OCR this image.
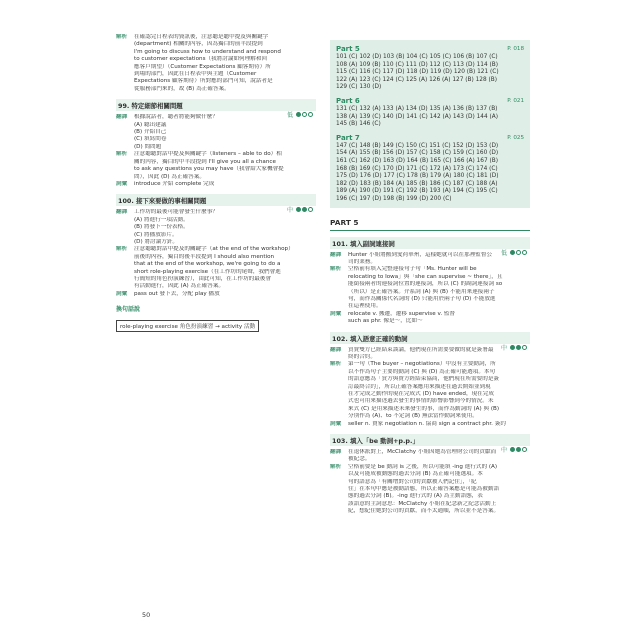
解析 在確認完日程表的資訊後，注意聽是聽中提及與關鍵字
(department) 相關的內容，因為獨白的前半段提到
I'm going to discuss how to understand and respond
to customer expectations（我將討論如何理解和回
應客戶期望）（Customer Expectations 顧客期待）所
到場的部門，因此在日程表中與主題（Customer
Expectations 顧客期待）所對應的部門可知，說話者是
從服務部門來的，故 (B) 為正確答案。
99. 特定細節相關問題
低
翻譯 根據說話者，聽者將能夠做什麼？
(A) 聽出建議
(B) 介紹自己
(C) 填寫問卷
(D) 問問題
解析 注意聽聽對話中提及與關鍵字（listeners – able to do）相
關的內容，獨白的中半段提到 I'll give you all a chance
to ask any questions you may have（我會給大家機會提
問），因此 (D) 為正確答案。
詞彙 introduce 介紹 complete 完成
100. 接下來要做的事相關問題
中
翻譯 工作坊的最後可能會發生什麼事？
(A) 將進行一項活動。
(B) 將發下一份表格。
(C) 將播放影片。
(D) 將討論方針。
解析 注意聽聽對話中提及的關鍵字（at the end of the workshop）
前後的內容，獨白的後半段提到 I should also mention
that at the end of the workshop, we're going to do a
short role-playing exercise（在工作坊的尾聲，我們會進
行簡短的角色扮演練習），由此可知，在工作坊的最後會
有活動進行，因此 (A) 為正確答案。
詞彙 pass out 發下去，分配 play 播放
換句話說
role-playing exercise 角色扮演練習 → activity 活動
Part 5	P. 018
101 (C) 102 (D) 103 (B) 104 (C) 105 (C) 106 (B) 107 (C)
108 (A) 109 (B) 110 (C) 111 (D) 112 (C) 113 (D) 114 (B)
115 (C) 116 (C) 117 (D) 118 (D) 119 (D) 120 (B) 121 (C)
122 (A) 123 (C) 124 (C) 125 (A) 126 (A) 127 (B) 128 (B)
129 (C) 130 (D)
Part 6	P. 021
131 (C) 132 (A) 133 (A) 134 (D) 135 (A) 136 (B) 137 (B)
138 (A) 139 (C) 140 (D) 141 (C) 142 (A) 143 (D) 144 (A)
145 (B) 146 (C)
Part 7	P. 025
147 (C) 148 (B) 149 (C) 150 (C) 151 (C) 152 (D) 153 (D)
154 (A) 155 (B) 156 (D) 157 (C) 158 (C) 159 (C) 160 (D)
161 (C) 162 (D) 163 (D) 164 (B) 165 (C) 166 (A) 167 (B)
168 (B) 169 (C) 170 (D) 171 (C) 172 (A) 173 (C) 174 (C)
175 (D) 176 (D) 177 (C) 178 (B) 179 (A) 180 (C) 181 (D)
182 (D) 183 (B) 184 (A) 185 (B) 186 (C) 187 (C) 188 (A)
189 (A) 190 (D) 191 (C) 192 (B) 193 (A) 194 (C) 195 (C)
196 (C) 197 (D) 198 (B) 199 (D) 200 (C)
PART 5
101. 填入副詞連接詞
低
翻譯 Hunter 小姐將搬到愛荷華州，這樣她就可以在那裡監督公
司的業務。
解析 空格前有填入完整連接句子句「Ms. Hunter will be
relocating to Iowa」與「she can supervise ~ there」，且
能銜接兩者的連接詞位置的連接詞，所以 (C) 的副詞連接詞 so
（所以）是正確答案。介系詞 (A) 與 (B) 不能用來連接兩子
句，而作為關係代名詞的 (D) 只能用於兩子句 (D) 不能放進
在這裡使用。
詞彙 relocate v. 搬遷，遷移 supervise v. 監督
such as phr. 像是～，比如～
102. 填入語意正確的動詞
中
翻譯 買賣雙方已經結束談論，他們現在所需要要做的就是簽署最
終的合約。
解析 第一句（The buyer – negotiations）中沒有主要動詞，所
以不作為句子主要的動詞 (C) 與 (D) 為正確可能選項。本句
的語意應為「買方與賣方經結束協商，他們現在所需要的是簽
訂最終合約」，所以正確答案應用來描述在過去開始並到現
在才完成之動作的現在完成式 (D) have ended，現在完成
式也可用來描述過去發生的事情的影響影響到今的情況。未
來式 (C) 是用來描述未來發生的事，而作為動詞的 (A) 與 (B)
分別作為 (A)、to 不定詞 (B) 無法當作動詞來使用。
詞彙 seller n. 賣家 negotiation n. 協商 sign a contract phr. 簽約
103. 填入「be 動詞+p.p.」
中
翻譯 在退休派對上，McClatchy 小姐因她為管理財公司的貢獻而
被紀念。
解析 空格前要是 be 動詞 is 之後，所以可能填 -ing 進行式的 (A)
以及可能成被動態的過去分詞 (B) 為正確可能選項。本
句的語意為「有關增對公司的貢獻被人們記住」，「紀
往」在本句中應是被動語態，所以正確答案應是可能為被動語
態的過去分詞 (B)。-ing 進行式的 (A) 為主動語態，表
該語意的主詞意思：McClatchy 小姐在紀念新之紀念活動上
紀，想紀住她對公司的貢獻，而不太通順，所以並不是答案。
50
